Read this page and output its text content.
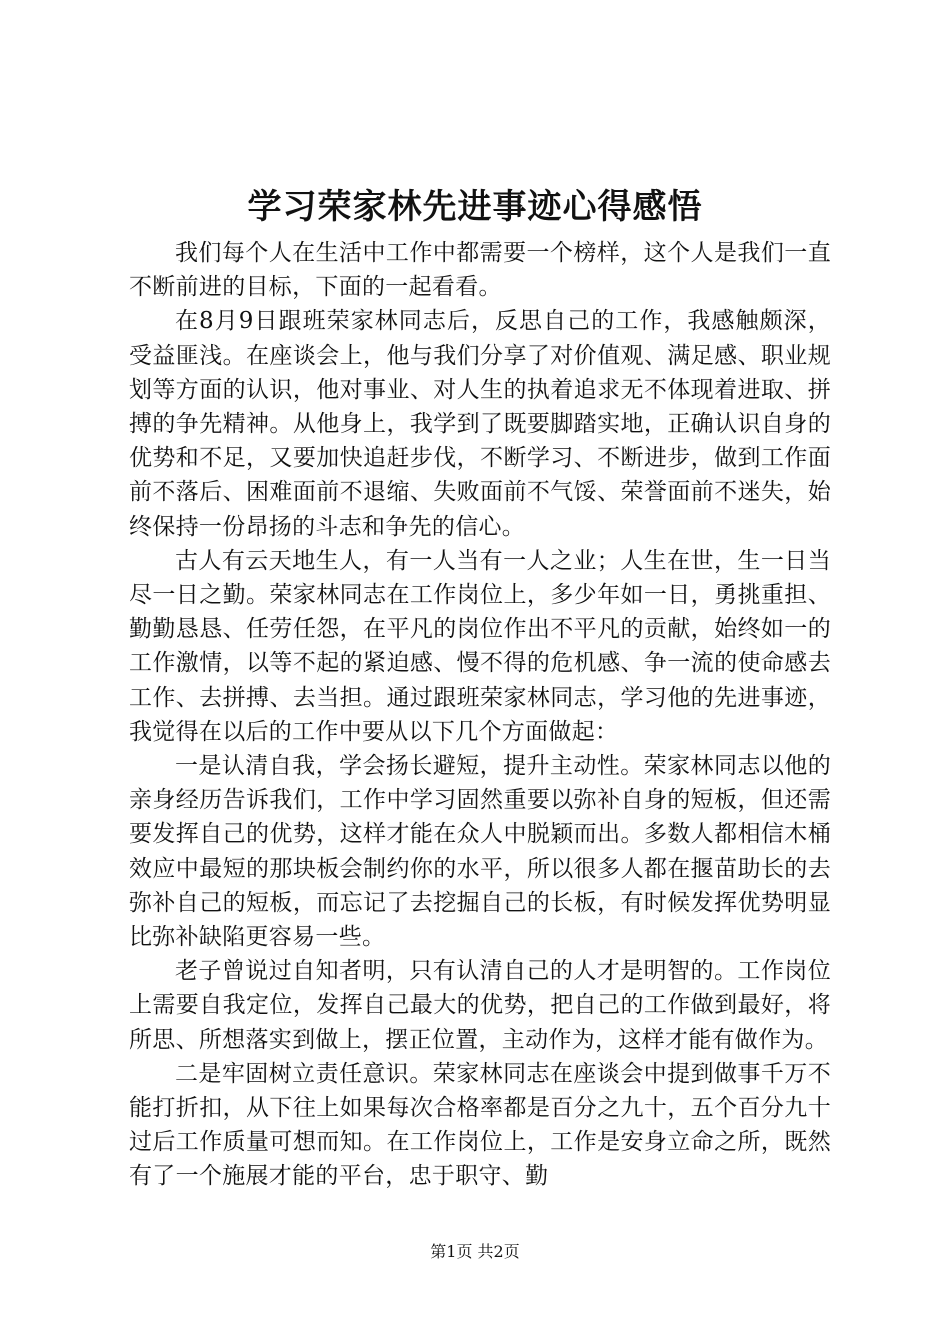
学习荣家林先进事迹心得感悟

我们每个人在生活中工作中都需要一个榜样，这个人是我们一直不断前进的目标，下面的一起看看。

在8月9日跟班荣家林同志后，反思自己的工作，我感触颇深，受益匪浅。在座谈会上，他与我们分享了对价值观、满足感、职业规划等方面的认识，他对事业、对人生的执着追求无不体现着进取、拼搏的争先精神。从他身上，我学到了既要脚踏实地，正确认识自身的优势和不足，又要加快追赶步伐，不断学习、不断进步，做到工作面前不落后、困难面前不退缩、失败面前不气馁、荣誉面前不迷失，始终保持一份昂扬的斗志和争先的信心。

古人有云天地生人，有一人当有一人之业；人生在世，生一日当尽一日之勤。荣家林同志在工作岗位上，多少年如一日，勇挑重担、勤勤恳恳、任劳任怨，在平凡的岗位作出不平凡的贡献，始终如一的工作激情，以等不起的紧迫感、慢不得的危机感、争一流的使命感去工作、去拼搏、去当担。通过跟班荣家林同志，学习他的先进事迹，我觉得在以后的工作中要从以下几个方面做起：

一是认清自我，学会扬长避短，提升主动性。荣家林同志以他的亲身经历告诉我们，工作中学习固然重要以弥补自身的短板，但还需要发挥自己的优势，这样才能在众人中脱颖而出。多数人都相信木桶效应中最短的那块板会制约你的水平，所以很多人都在揠苗助长的去弥补自己的短板，而忘记了去挖掘自己的长板，有时候发挥优势明显比弥补缺陷更容易一些。

老子曾说过自知者明，只有认清自己的人才是明智的。工作岗位上需要自我定位，发挥自己最大的优势，把自己的工作做到最好，将所思、所想落实到做上，摆正位置，主动作为，这样才能有做作为。

二是牢固树立责任意识。荣家林同志在座谈会中提到做事千万不能打折扣，从下往上如果每次合格率都是百分之九十，五个百分九十过后工作质量可想而知。在工作岗位上，工作是安身立命之所，既然有了一个施展才能的平台，忠于职守、勤

第1页 共2页
